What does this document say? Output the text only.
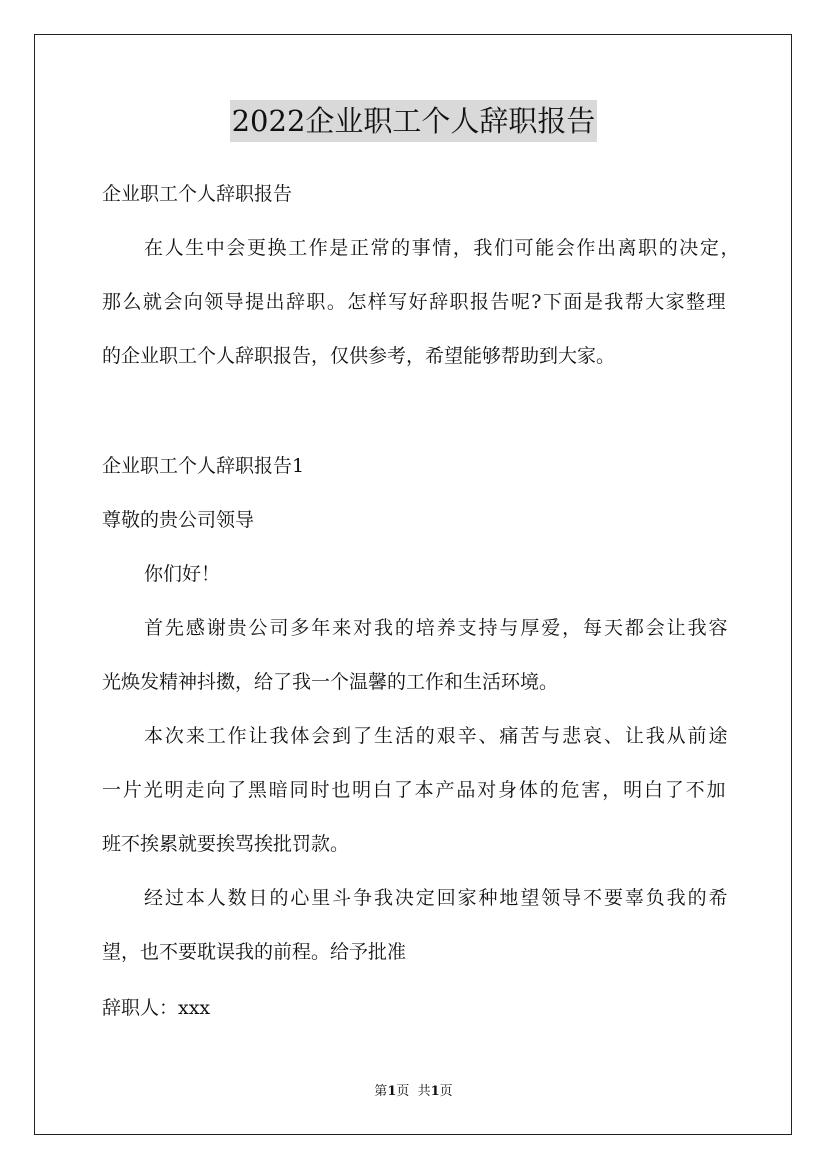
2022企业职工个人辞职报告

企业职工个人辞职报告

在人生中会更换工作是正常的事情，我们可能会作出离职的决定，

那么就会向领导提出辞职。怎样写好辞职报告呢?下面是我帮大家整理

的企业职工个人辞职报告，仅供参考，希望能够帮助到大家。

企业职工个人辞职报告1

尊敬的贵公司领导

你们好！

首先感谢贵公司多年来对我的培养支持与厚爱，每天都会让我容

光焕发精神抖擞，给了我一个温馨的工作和生活环境。

本次来工作让我体会到了生活的艰辛、痛苦与悲哀、让我从前途

一片光明走向了黑暗同时也明白了本产品对身体的危害，明白了不加

班不挨累就要挨骂挨批罚款。

经过本人数日的心里斗争我决定回家种地望领导不要辜负我的希

望，也不要耽误我的前程。给予批准

辞职人：xxx

第1页  共1页
